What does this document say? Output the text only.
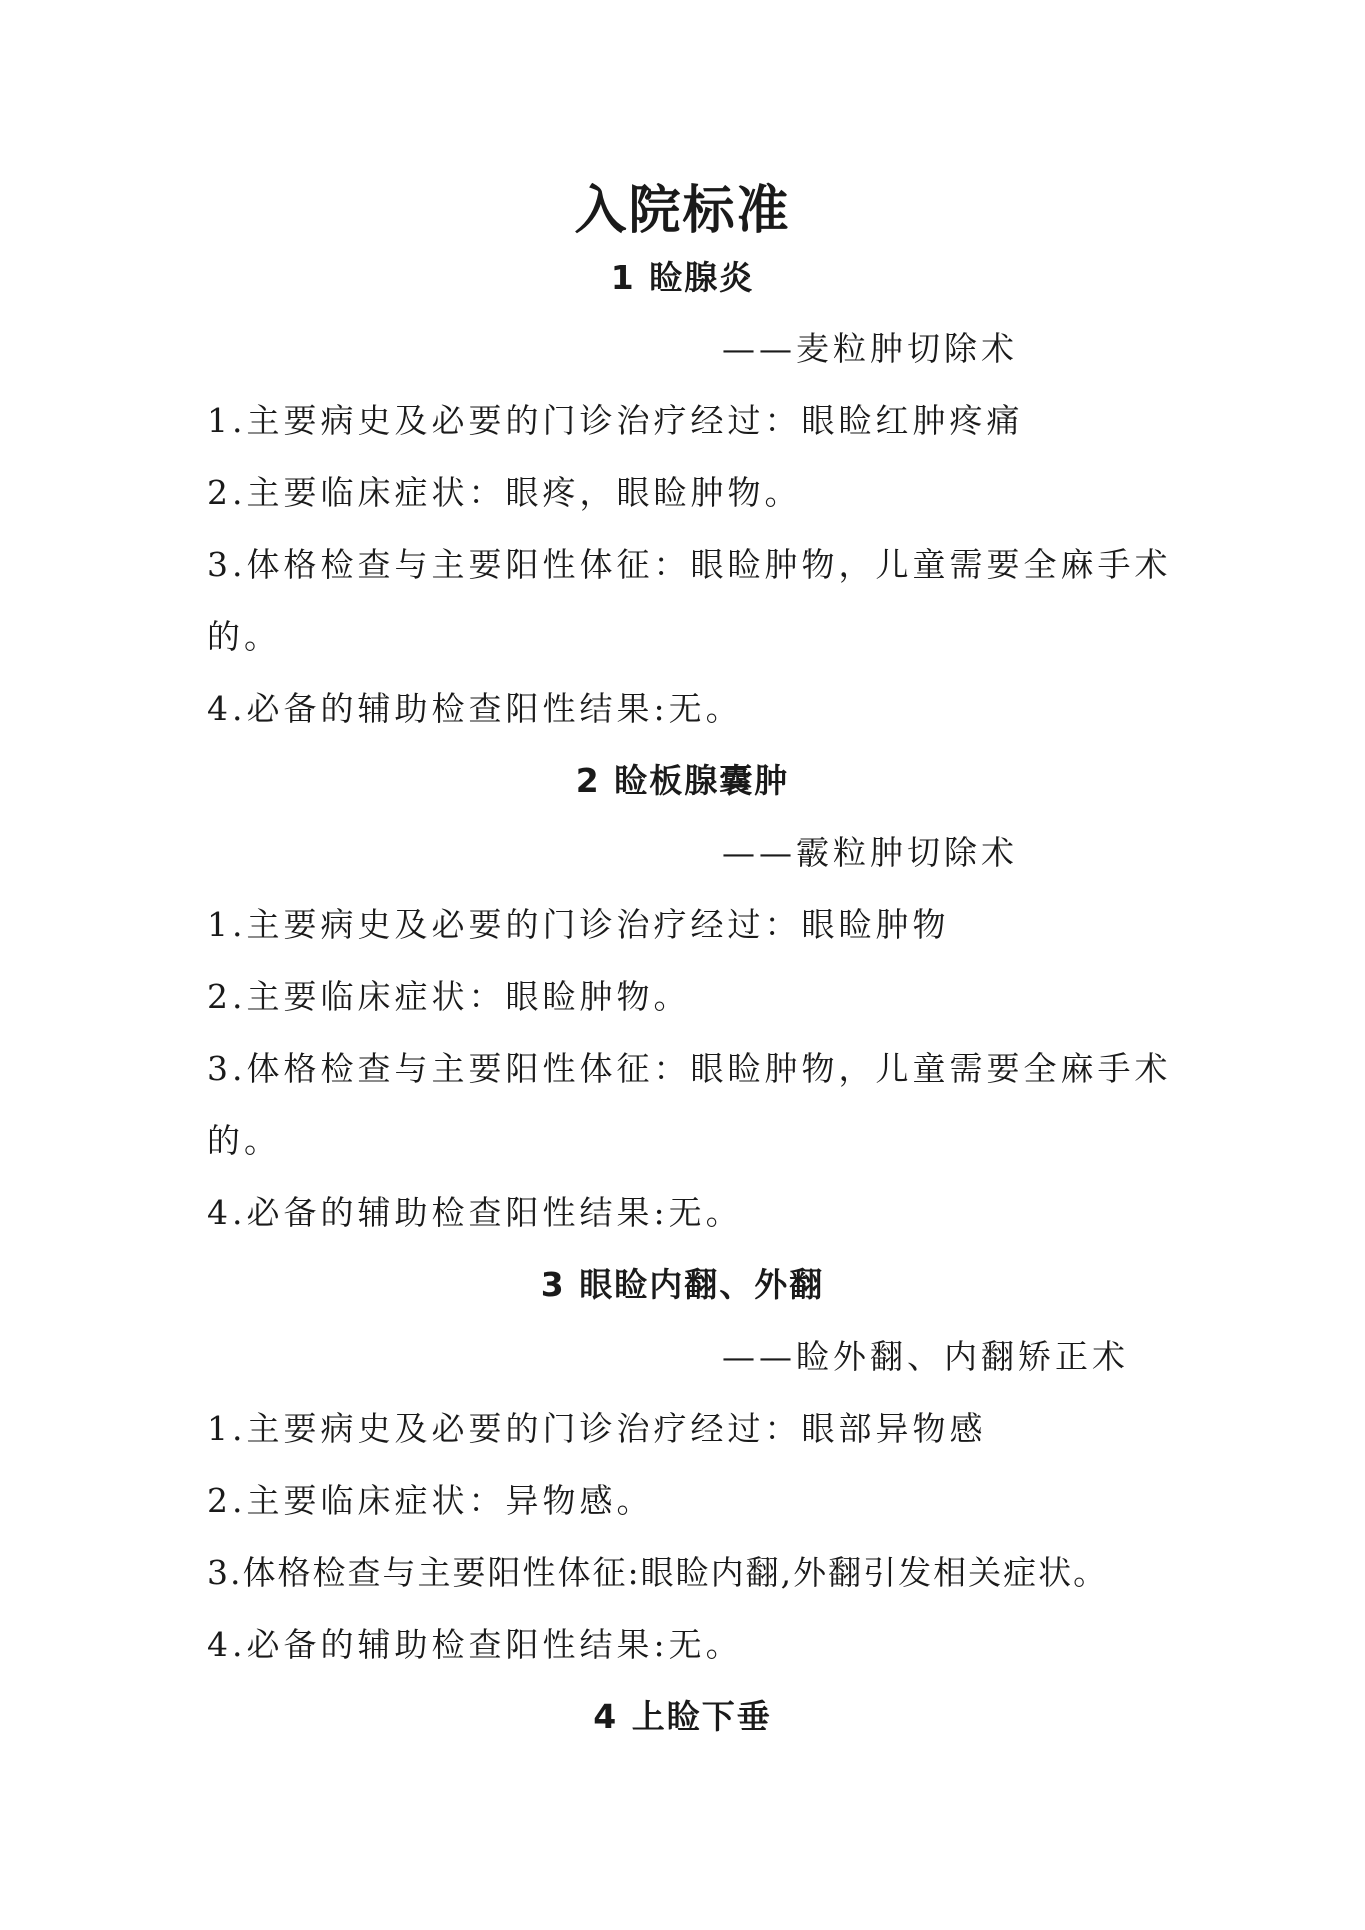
入院标准
1 睑腺炎

——麦粒肿切除术

1.主要病史及必要的门诊治疗经过：眼睑红肿疼痛

2.主要临床症状：眼疼，眼睑肿物。

3.体格检查与主要阳性体征：眼睑肿物，儿童需要全麻手术

的。

4.必备的辅助检查阳性结果:无。

2 睑板腺囊肿

——霰粒肿切除术

1.主要病史及必要的门诊治疗经过：眼睑肿物

2.主要临床症状：眼睑肿物。

3.体格检查与主要阳性体征：眼睑肿物，儿童需要全麻手术

的。

4.必备的辅助检查阳性结果:无。

3 眼睑内翻、外翻

——睑外翻、内翻矫正术

1.主要病史及必要的门诊治疗经过：眼部异物感

2.主要临床症状：异物感。

3.体格检查与主要阳性体征:眼睑内翻,外翻引发相关症状。

4.必备的辅助检查阳性结果:无。

4 上睑下垂
